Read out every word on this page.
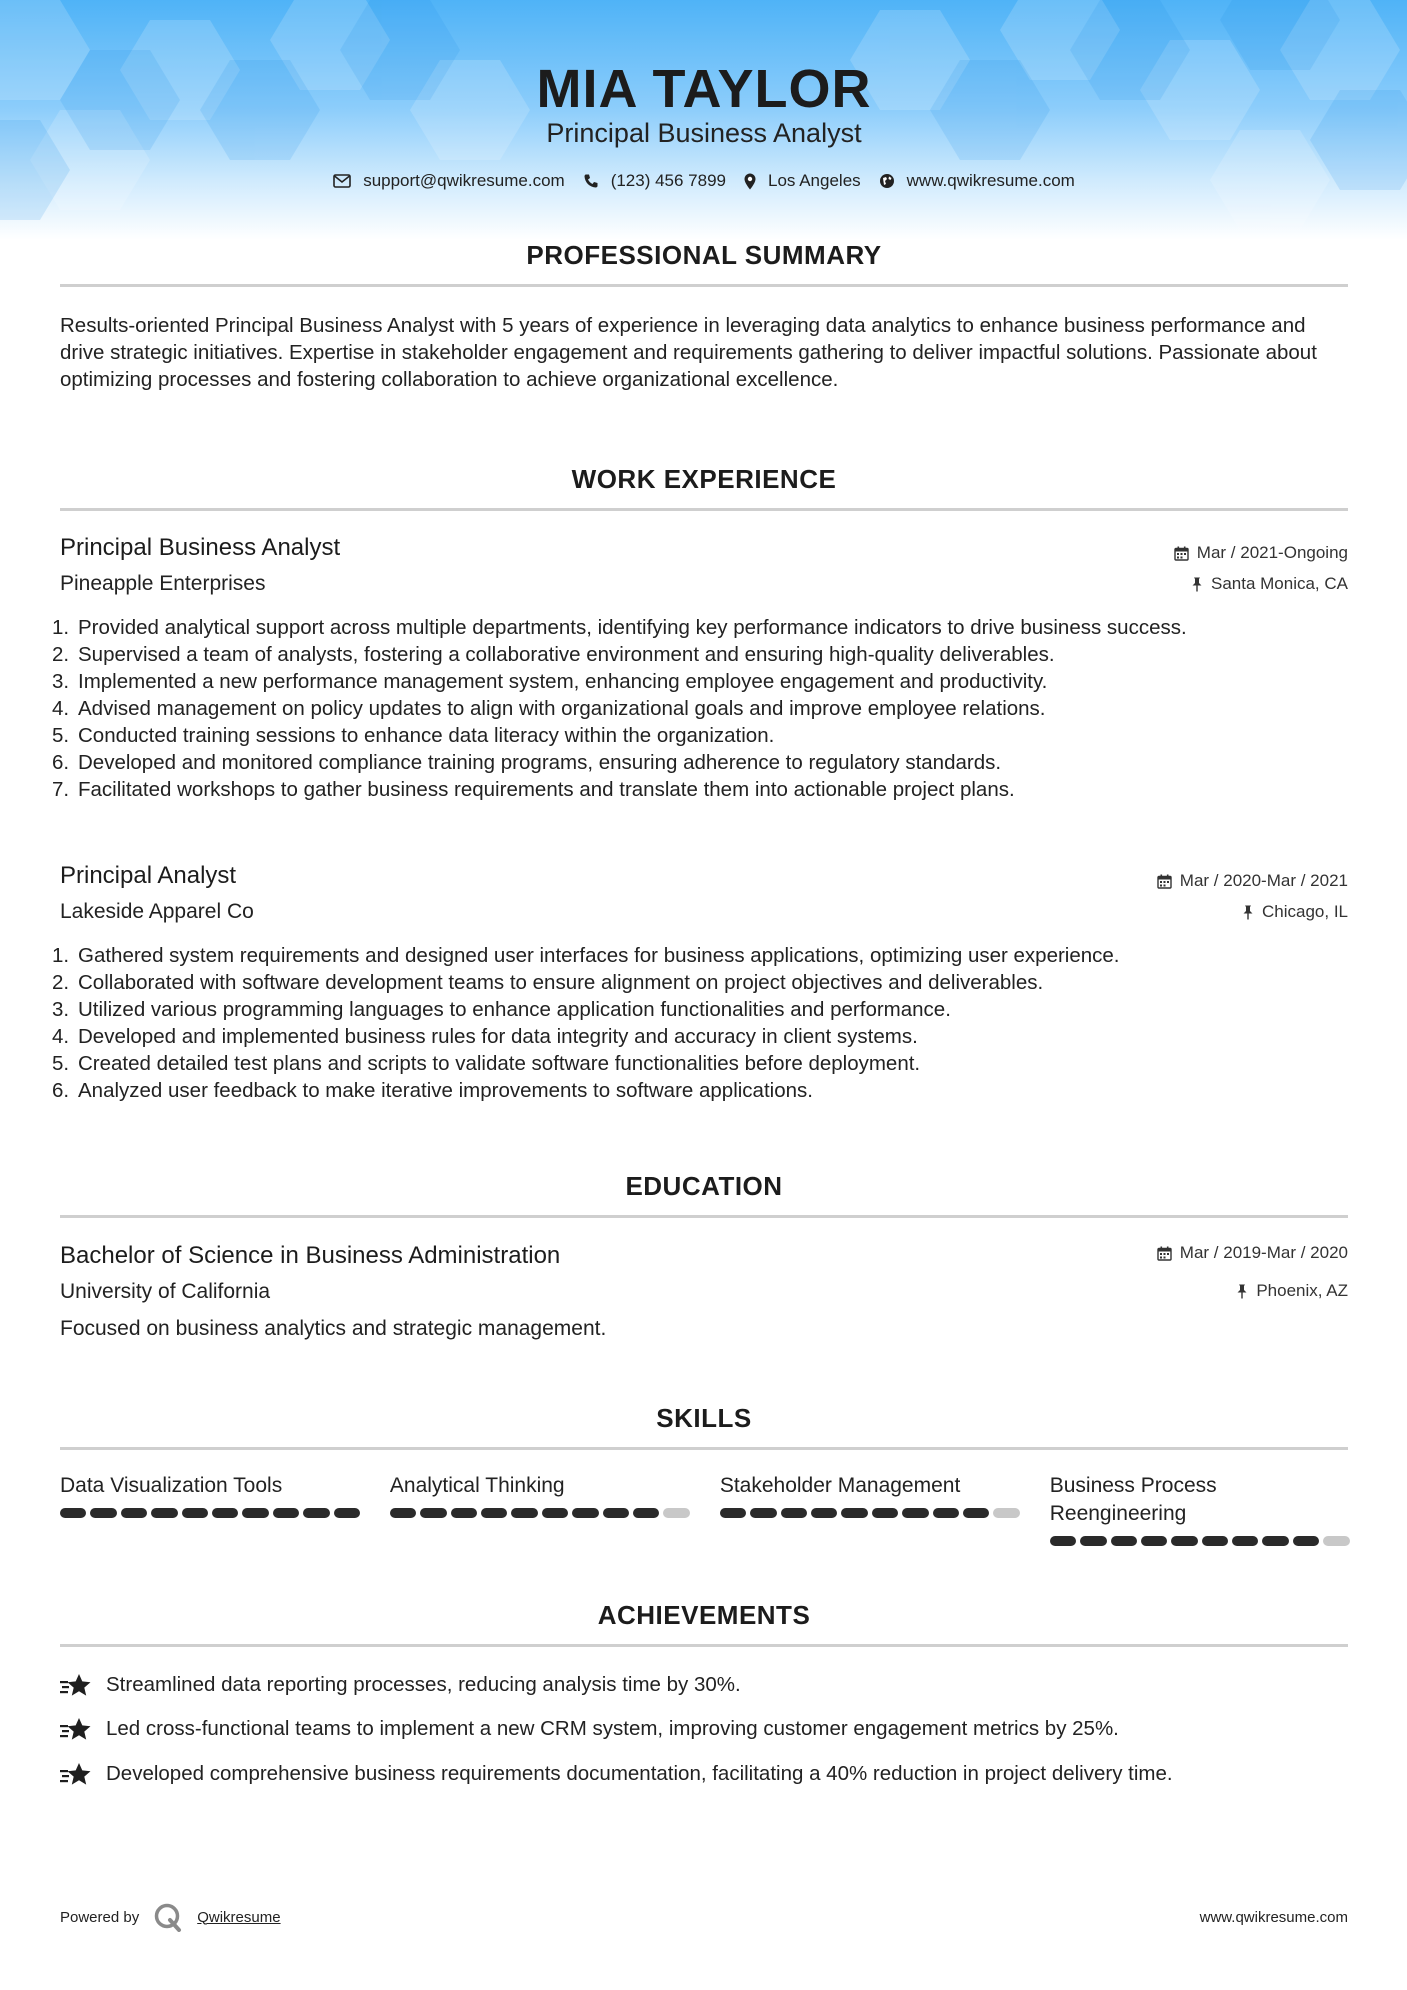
MIA TAYLOR
Principal Business Analyst
support@qwikresume.com	(123) 456 7899 Los Angeles	www.qwikresume.com
PROFESSIONAL SUMMARY
Results-oriented Principal Business Analyst with 5 years of experience in leveraging data analytics to enhance business performance and drive strategic initiatives. Expertise in stakeholder engagement and requirements gathering to deliver impactful solutions. Passionate about optimizing processes and fostering collaboration to achieve organizational excellence.
WORK EXPERIENCE
Principal Business Analyst	Mar / 2021-Ongoing
Pineapple Enterprises	Santa Monica, CA
1. Provided analytical support across multiple departments, identifying key performance indicators to drive business success.
2. Supervised a team of analysts, fostering a collaborative environment and ensuring high-quality deliverables.
3. Implemented a new performance management system, enhancing employee engagement and productivity.
4. Advised management on policy updates to align with organizational goals and improve employee relations.
5. Conducted training sessions to enhance data literacy within the organization.
6. Developed and monitored compliance training programs, ensuring adherence to regulatory standards.
7. Facilitated workshops to gather business requirements and translate them into actionable project plans.
Principal Analyst	Mar / 2020-Mar / 2021
Lakeside Apparel Co	Chicago, IL
1. Gathered system requirements and designed user interfaces for business applications, optimizing user experience.
2. Collaborated with software development teams to ensure alignment on project objectives and deliverables.
3. Utilized various programming languages to enhance application functionalities and performance.
4. Developed and implemented business rules for data integrity and accuracy in client systems.
5. Created detailed test plans and scripts to validate software functionalities before deployment.
6. Analyzed user feedback to make iterative improvements to software applications.
EDUCATION
Bachelor of Science in Business Administration	Mar / 2019-Mar / 2020
University of California	Phoenix, AZ
Focused on business analytics and strategic management.
SKILLS
Data Visualization Tools	Analytical Thinking	Stakeholder Management	Business Process Reengineering
ACHIEVEMENTS
Streamlined data reporting processes, reducing analysis time by 30%.
Led cross-functional teams to implement a new CRM system, improving customer engagement metrics by 25%.
Developed comprehensive business requirements documentation, facilitating a 40% reduction in project delivery time.
Powered by	Qwikresume	www.qwikresume.com
